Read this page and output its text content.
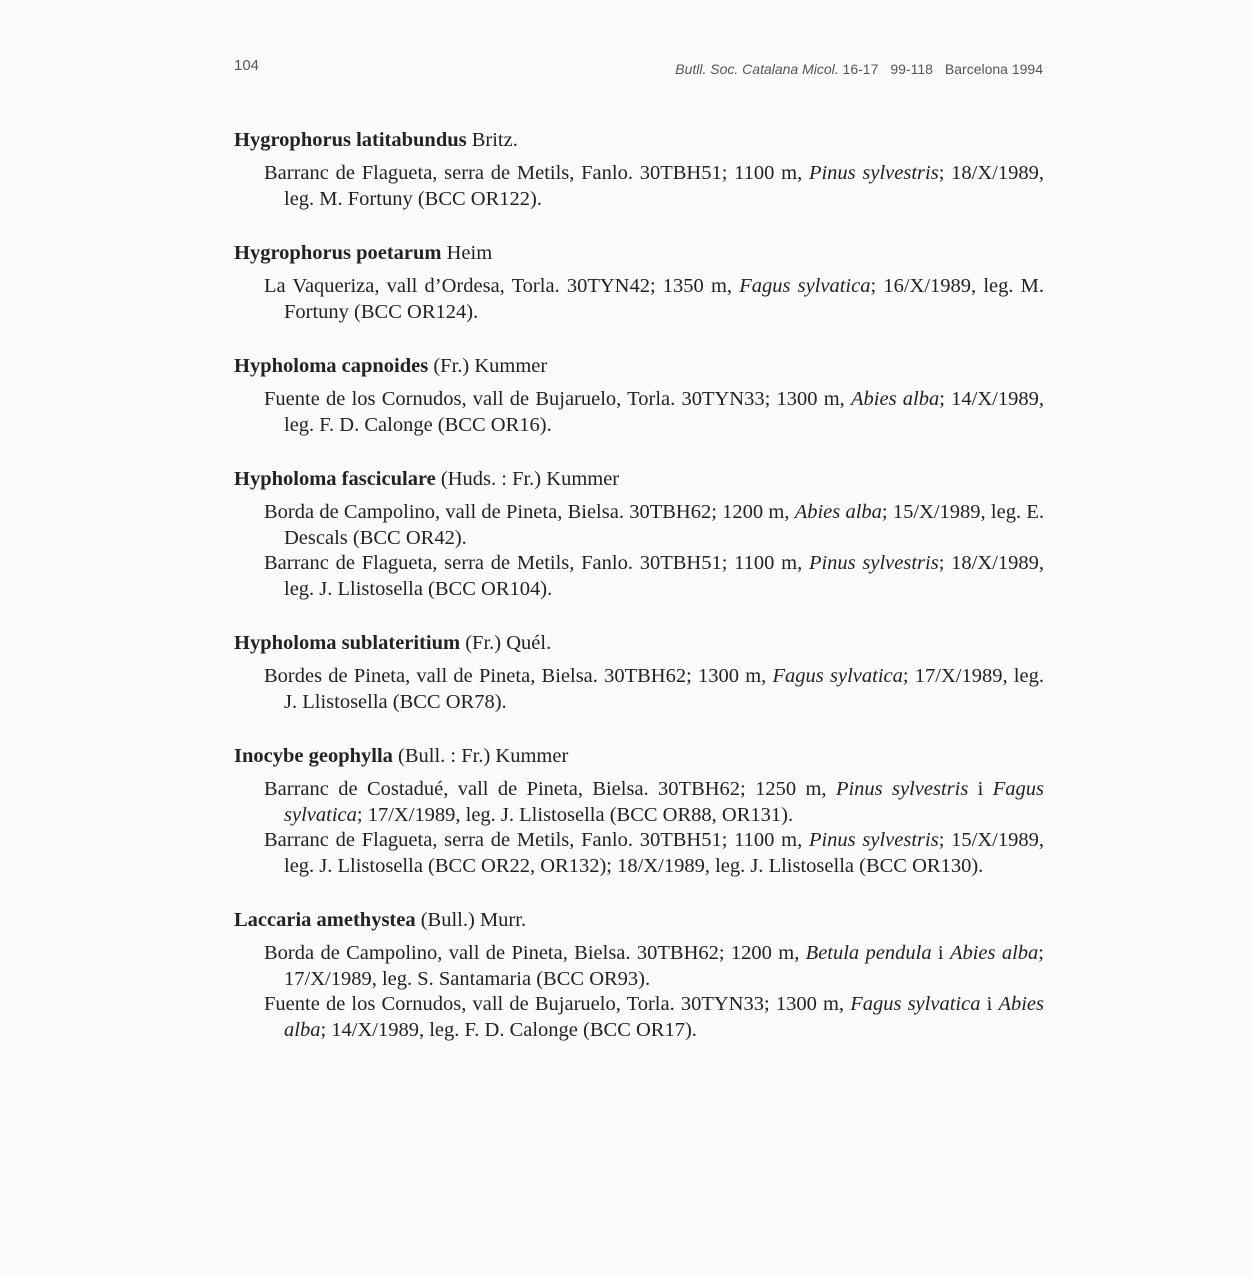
104	Butll. Soc. Catalana Micol. 16-17 99-118 Barcelona 1994
Hygrophorus latitabundus Britz.
Barranc de Flagueta, serra de Metils, Fanlo. 30TBH51; 1100 m, Pinus sylvestris; 18/X/1989, leg. M. Fortuny (BCC OR122).
Hygrophorus poetarum Heim
La Vaqueriza, vall d’Ordesa, Torla. 30TYN42; 1350 m, Fagus sylvatica; 16/X/1989, leg. M. Fortuny (BCC OR124).
Hypholoma capnoides (Fr.) Kummer
Fuente de los Cornudos, vall de Bujaruelo, Torla. 30TYN33; 1300 m, Abies alba; 14/X/1989, leg. F. D. Calonge (BCC OR16).
Hypholoma fasciculare (Huds. : Fr.) Kummer
Borda de Campolino, vall de Pineta, Bielsa. 30TBH62; 1200 m, Abies alba; 15/X/1989, leg. E. Descals (BCC OR42).
Barranc de Flagueta, serra de Metils, Fanlo. 30TBH51; 1100 m, Pinus sylvestris; 18/X/1989, leg. J. Llistosella (BCC OR104).
Hypholoma sublateritium (Fr.) Quél.
Bordes de Pineta, vall de Pineta, Bielsa. 30TBH62; 1300 m, Fagus sylvatica; 17/X/1989, leg. J. Llistosella (BCC OR78).
Inocybe geophylla (Bull. : Fr.) Kummer
Barranc de Costadué, vall de Pineta, Bielsa. 30TBH62; 1250 m, Pinus sylvestris i Fagus sylvatica; 17/X/1989, leg. J. Llistosella (BCC OR88, OR131).
Barranc de Flagueta, serra de Metils, Fanlo. 30TBH51; 1100 m, Pinus sylvestris; 15/X/1989, leg. J. Llistosella (BCC OR22, OR132); 18/X/1989, leg. J. Llistosella (BCC OR130).
Laccaria amethystea (Bull.) Murr.
Borda de Campolino, vall de Pineta, Bielsa. 30TBH62; 1200 m, Betula pendula i Abies alba; 17/X/1989, leg. S. Santamaria (BCC OR93).
Fuente de los Cornudos, vall de Bujaruelo, Torla. 30TYN33; 1300 m, Fagus sylvatica i Abies alba; 14/X/1989, leg. F. D. Calonge (BCC OR17).
